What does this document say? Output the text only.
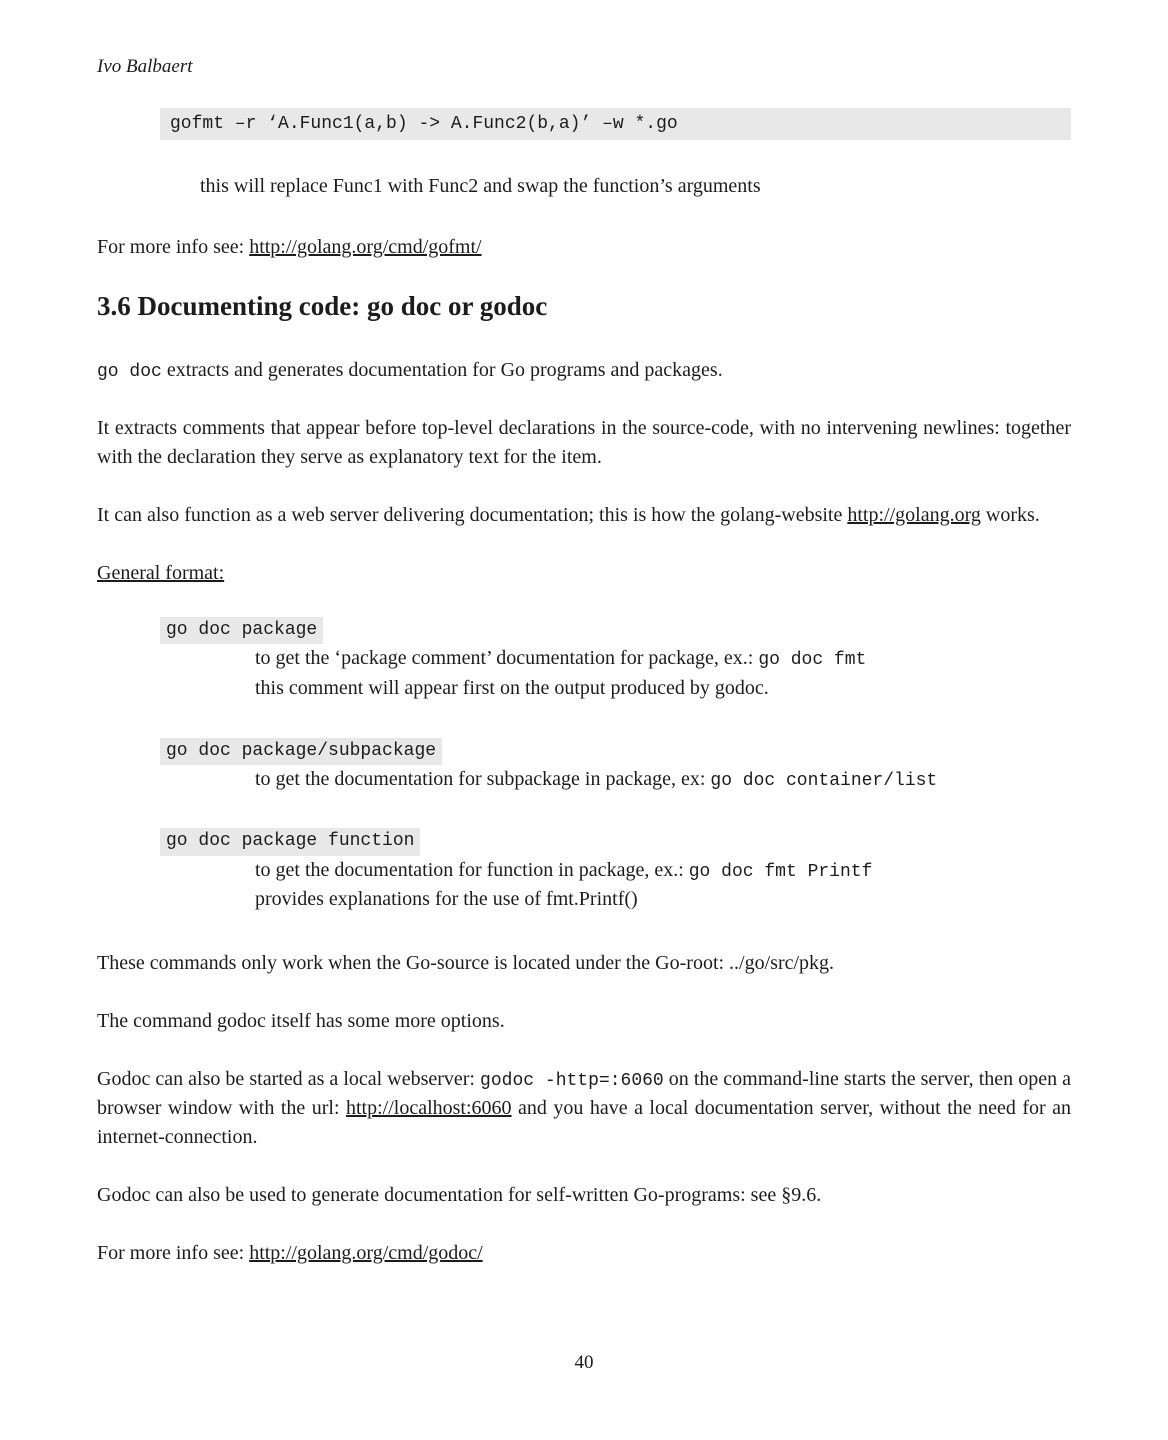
Ivo Balbaert
gofmt –r ‘A.Func1(a,b) -> A.Func2(b,a)’ –w *.go
this will replace Func1 with Func2 and swap the function’s arguments

For more info see: http://golang.org/cmd/gofmt/

3.6 Documenting code: go doc or godoc

go doc extracts and generates documentation for Go programs and packages.

It extracts comments that appear before top-level declarations in the source-code, with no intervening newlines: together with the declaration they serve as explanatory text for the item.

It can also function as a web server delivering documentation; this is how the golang-website http://golang.org works.

General format:

go doc package
to get the ‘package comment’ documentation for package, ex.: go doc fmt
this comment will appear first on the output produced by godoc.
go doc package/subpackage
to get the documentation for subpackage in package, ex: go doc container/list
go doc package function
to get the documentation for function in package, ex.: go doc fmt Printf
provides explanations for the use of fmt.Printf()

These commands only work when the Go-source is located under the Go-root: ../go/src/pkg.

The command godoc itself has some more options.

Godoc can also be started as a local webserver: godoc -http=:6060 on the command-line starts the server, then open a browser window with the url: http://localhost:6060 and you have a local documentation server, without the need for an internet-connection.

Godoc can also be used to generate documentation for self-written Go-programs: see §9.6.

For more info see: http://golang.org/cmd/godoc/

40
